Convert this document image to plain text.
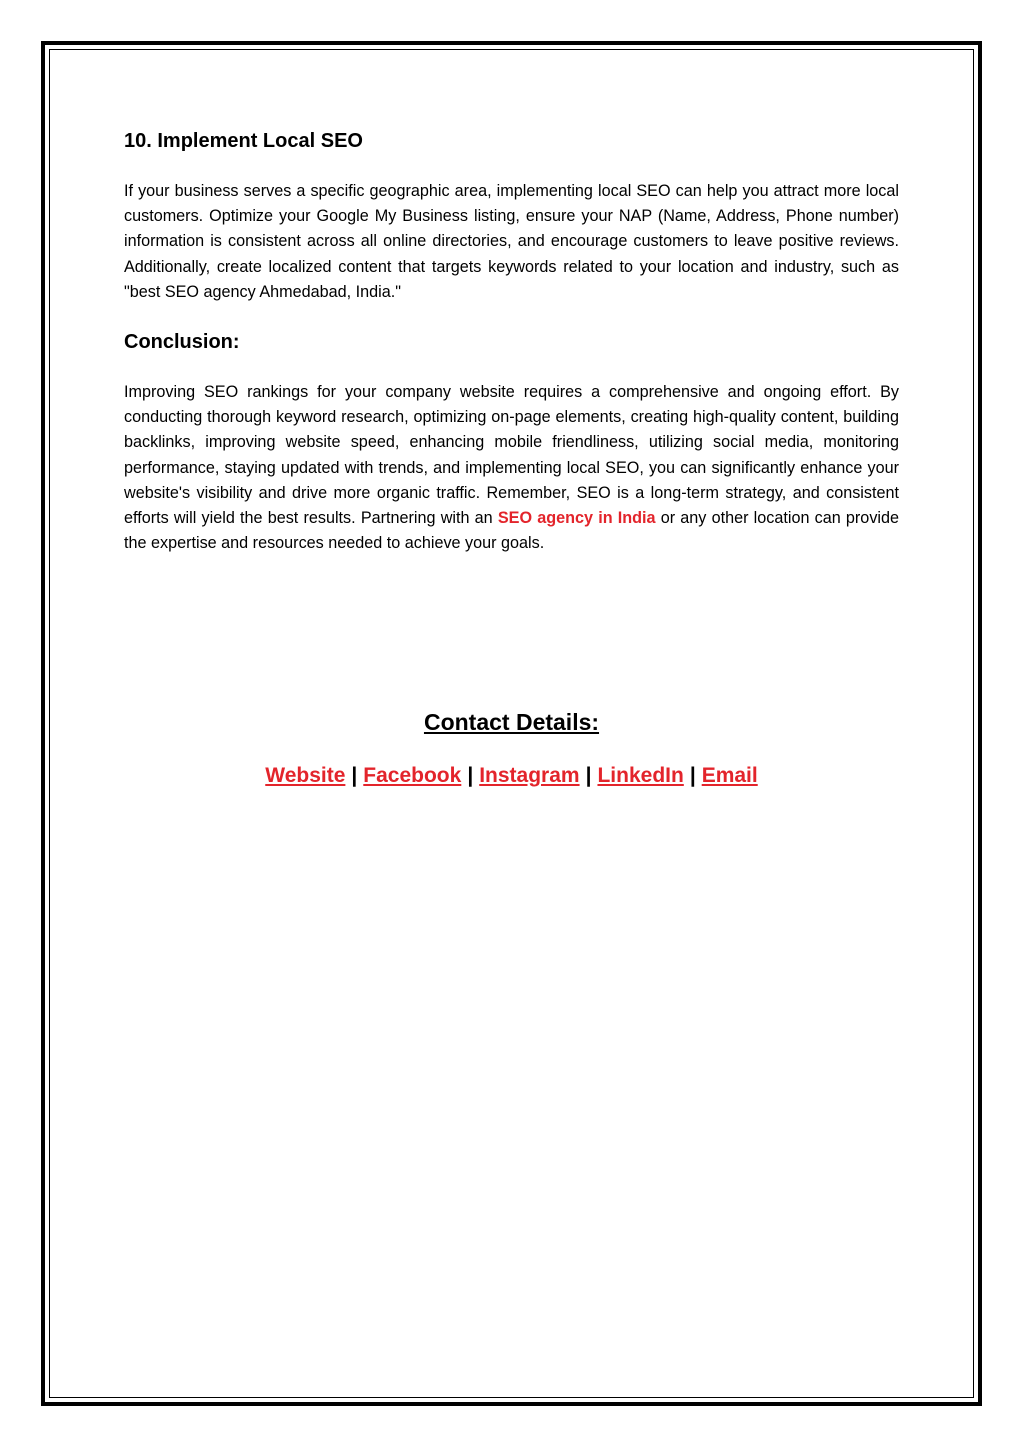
10. Implement Local SEO

If your business serves a specific geographic area, implementing local SEO can help you attract more local customers. Optimize your Google My Business listing, ensure your NAP (Name, Address, Phone number) information is consistent across all online directories, and encourage customers to leave positive reviews. Additionally, create localized content that targets keywords related to your location and industry, such as "best SEO agency Ahmedabad, India."

Conclusion:

Improving SEO rankings for your company website requires a comprehensive and ongoing effort. By conducting thorough keyword research, optimizing on-page elements, creating high-quality content, building backlinks, improving website speed, enhancing mobile friendliness, utilizing social media, monitoring performance, staying updated with trends, and implementing local SEO, you can significantly enhance your website's visibility and drive more organic traffic. Remember, SEO is a long-term strategy, and consistent efforts will yield the best results. Partnering with an SEO agency in India or any other location can provide the expertise and resources needed to achieve your goals.

Contact Details:
Website | Facebook | Instagram | LinkedIn | Email
